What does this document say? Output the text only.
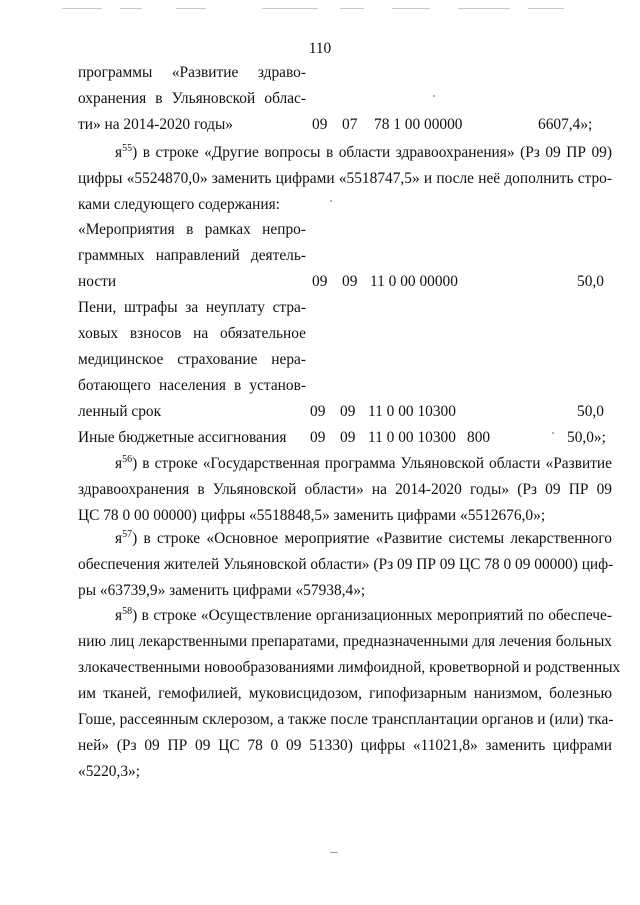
110
программы «Развитие здраво-
охранения в Ульяновской облас-
ти» на 2014-2020 годы»	09 07 78 1 00 00000	6607,4»;
$я^{55}$) в строке «Другие вопросы в области здравоохранения» (Рз 09 ПР 09)
цифры «5524870,0» заменить цифрами «5518747,5» и после неё дополнить стро-
ками следующего содержания:
«Мероприятия в рамках непро-
граммных направлений деятель-
ности	09 09 11 0 00 00000	50,0
Пени, штрафы за неуплату стра-
ховых взносов на обязательное
медицинское страхование нера-
ботающего населения в установ-
ленный срок	09 09 11 0 00 10300	50,0
Иные бюджетные ассигнования	09 09 11 0 00 10300 800	50,0»;
$я^{56}$) в строке «Государственная программа Ульяновской области «Развитие
здравоохранения в Ульяновской области» на 2014-2020 годы» (Рз 09 ПР 09
ЦС 78 0 00 00000) цифры «5518848,5» заменить цифрами «5512676,0»;
$я^{57}$) в строке «Основное мероприятие «Развитие системы лекарственного
обеспечения жителей Ульяновской области» (Рз 09 ПР 09 ЦС 78 0 09 00000) циф-
ры «63739,9» заменить цифрами «57938,4»;
$я^{58}$) в строке «Осуществление организационных мероприятий по обеспече-
нию лиц лекарственными препаратами, предназначенными для лечения больных
злокачественными новообразованиями лимфоидной, кроветворной и родственных
им тканей, гемофилией, муковисцидозом, гипофизарным нанизмом, болезнью
Гоше, рассеянным склерозом, а также после трансплантации органов и (или) тка-
ней» (Рз 09 ПР 09 ЦС 78 0 09 51330) цифры «11021,8» заменить цифрами
«5220,3»;
